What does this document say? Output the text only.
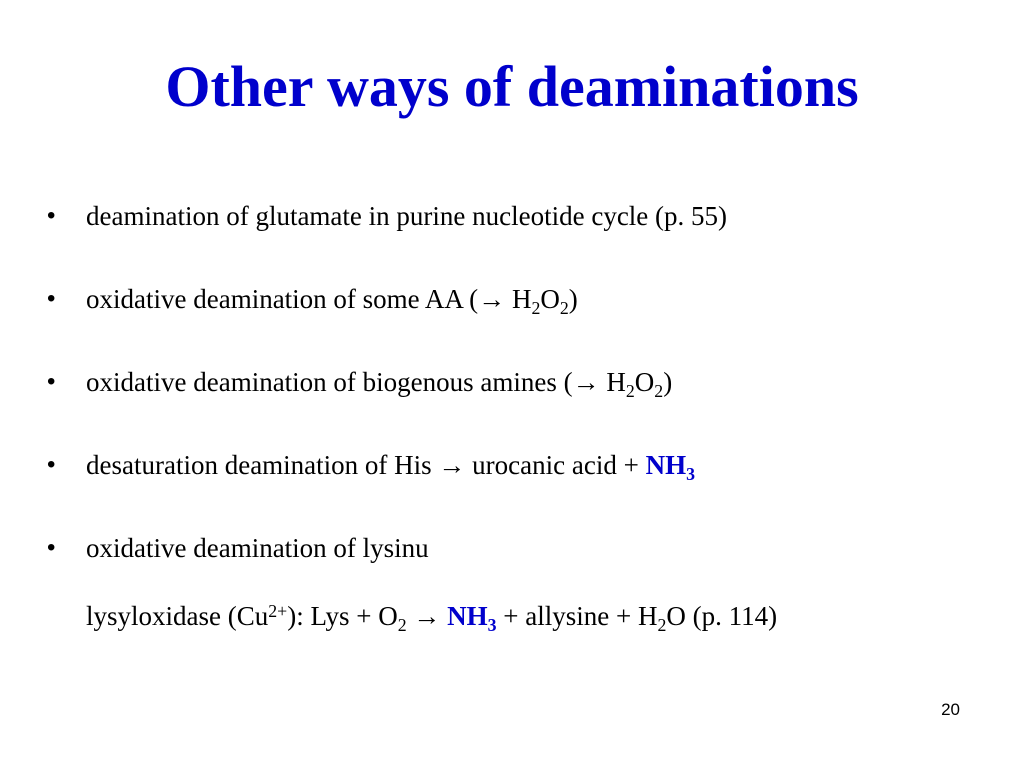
Other ways of deaminations
• deamination of glutamate in purine nucleotide cycle (p. 55)
• oxidative deamination of some AA (→ $H_2O_2$)
• oxidative deamination of biogenous amines (→ $H_2O_2$)
• desaturation deamination of His → urocanic acid + $NH_3$
• oxidative deamination of lysinu
lysyloxidase $(Cu^{2+})$: Lys + $O_2 \to NH_3$ + allysine + $H_2O$ (p. 114)
20
